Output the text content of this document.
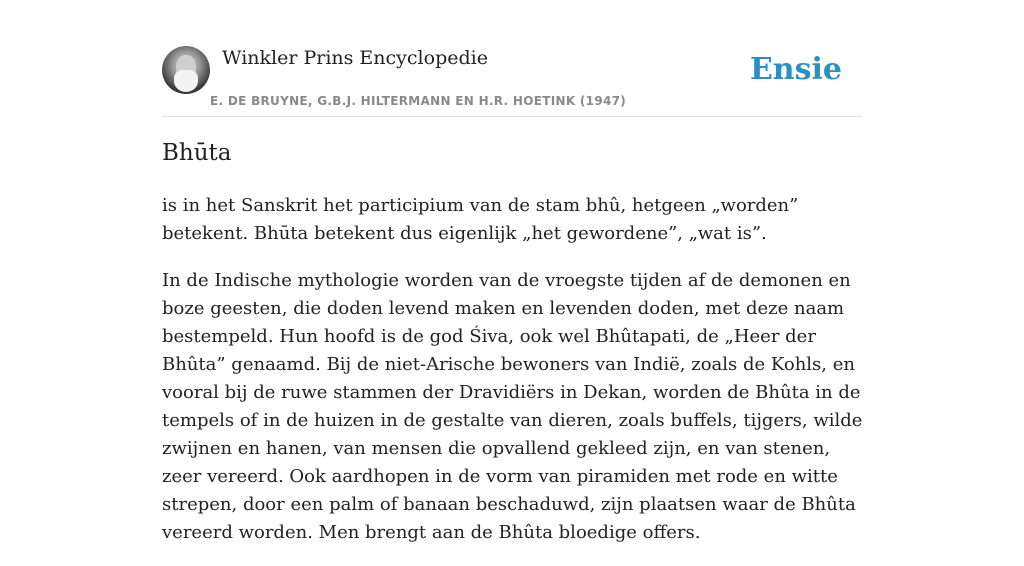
Winkler Prins Encyclopedie
E. DE BRUYNE, G.B.J. HILTERMANN EN H.R. HOETINK (1947)
Ensie
Bhūta

is in het Sanskrit het participium van de stam bhû, hetgeen „worden” betekent. Bhūta betekent dus eigenlijk „het gewordene”, „wat is”.

In de Indische mythologie worden van de vroegste tijden af de demonen en boze geesten, die doden levend maken en levenden doden, met deze naam bestempeld. Hun hoofd is de god Śiva, ook wel Bhûtapati, de „Heer der Bhûta” genaamd. Bij de niet-Arische bewoners van Indië, zoals de Kohls, en vooral bij de ruwe stammen der Dravidiërs in Dekan, worden de Bhûta in de tempels of in de huizen in de gestalte van dieren, zoals buffels, tijgers, wilde zwijnen en hanen, van mensen die opvallend gekleed zijn, en van stenen, zeer vereerd. Ook aardhopen in de vorm van piramiden met rode en witte strepen, door een palm of banaan beschaduwd, zijn plaatsen waar de Bhûta vereerd worden. Men brengt aan de Bhûta bloedige offers.
